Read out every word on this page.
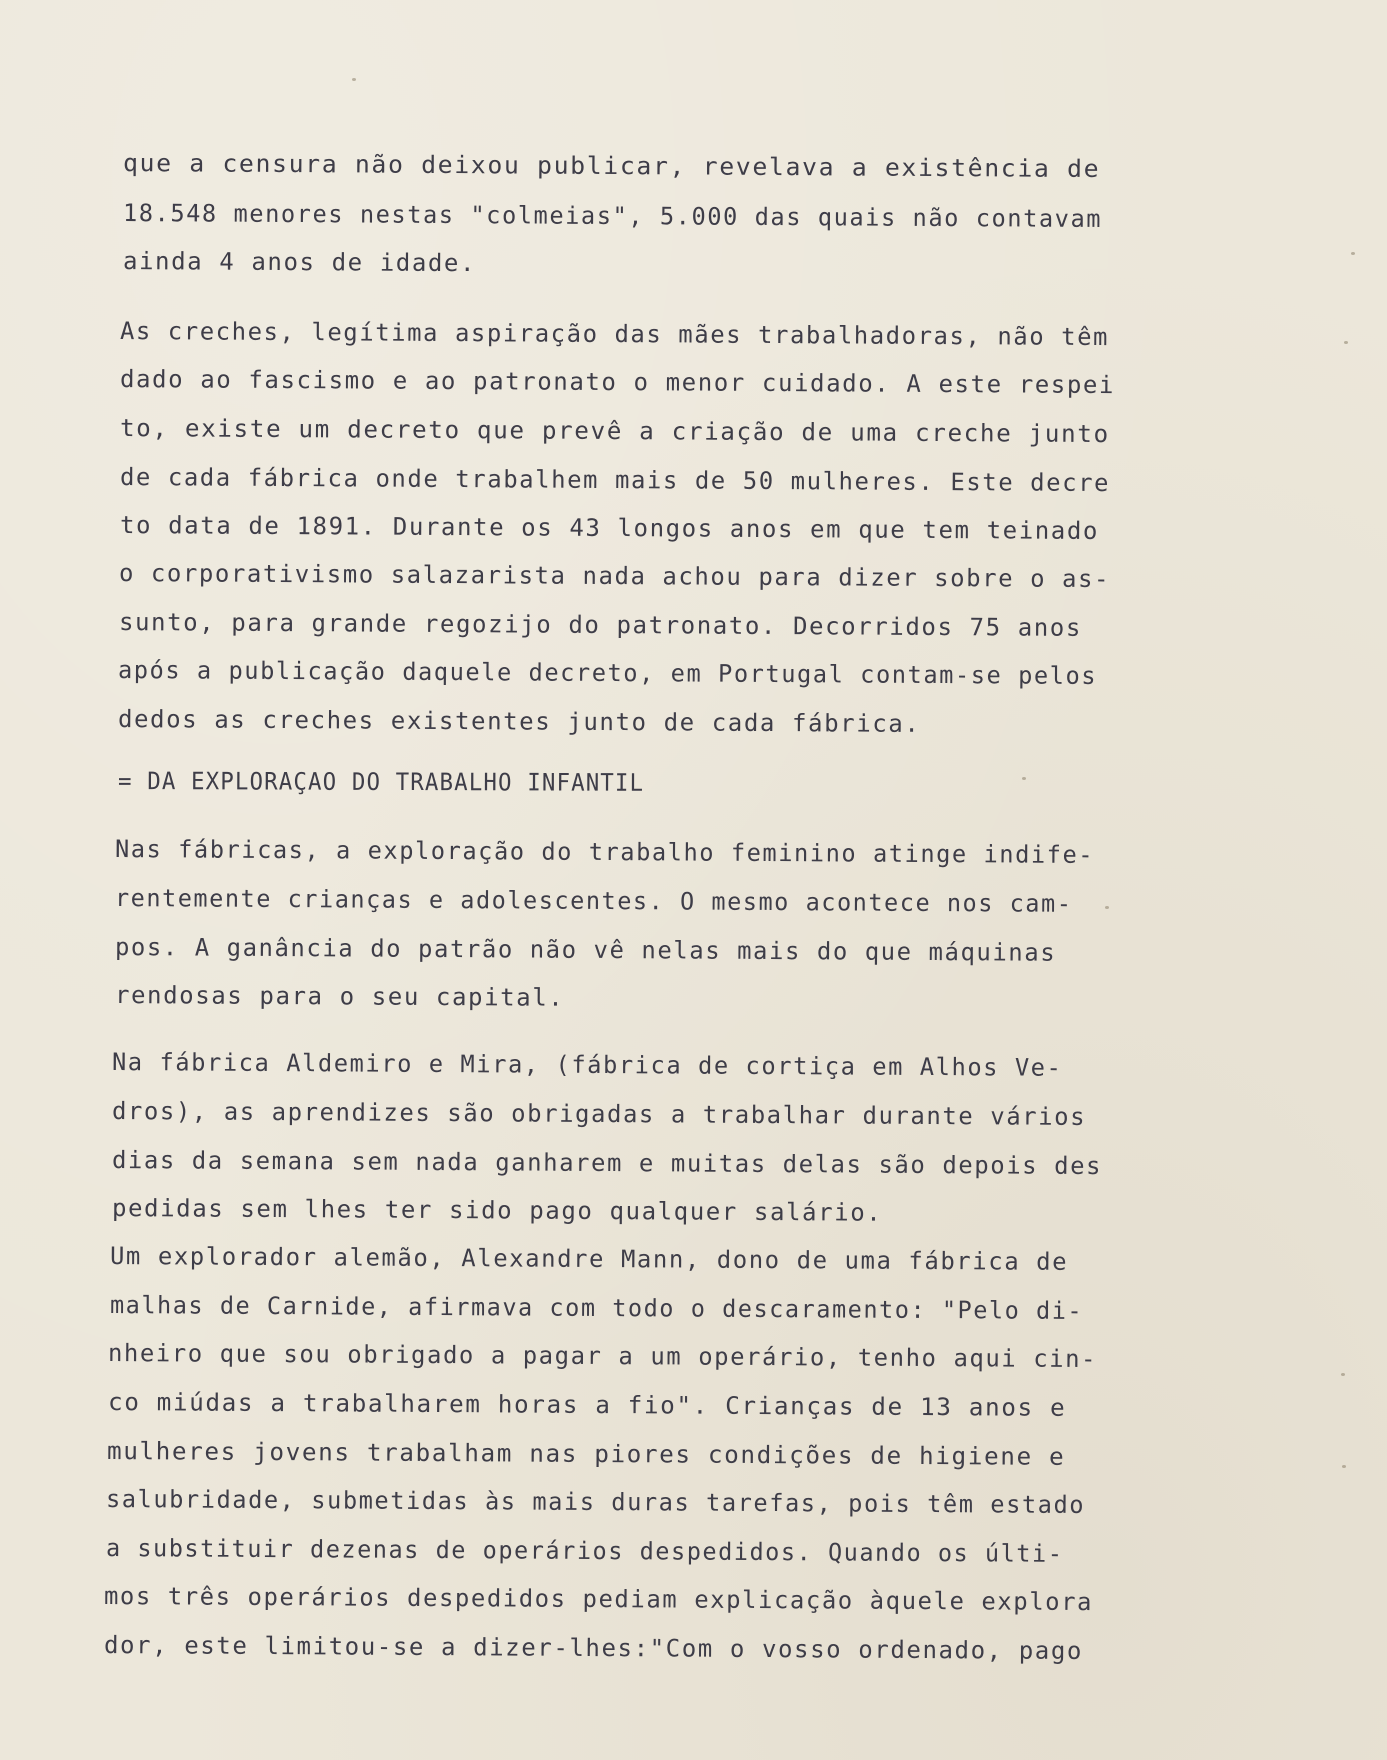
que a censura não deixou publicar, revelava a existência de
18.548 menores nestas "colmeias", 5.000 das quais não contavam
ainda 4 anos de idade.
As creches, legítima aspiração das mães trabalhadoras, não têm
dado ao fascismo e ao patronato o menor cuidado. A este respei
to, existe um decreto que prevê a criação de uma creche junto
de cada fábrica onde trabalhem mais de 50 mulheres. Este decre
to data de 1891. Durante os 43 longos anos em que tem teinado
o corporativismo salazarista nada achou para dizer sobre o as-
sunto, para grande regozijo do patronato. Decorridos 75 anos
após a publicação daquele decreto, em Portugal contam-se pelos
dedos as creches existentes junto de cada fábrica.
= DA EXPLORAÇAO DO TRABALHO INFANTIL
Nas fábricas, a exploração do trabalho feminino atinge indife-
rentemente crianças e adolescentes. O mesmo acontece nos cam-
pos. A ganância do patrão não vê nelas mais do que máquinas
rendosas para o seu capital.
Na fábrica Aldemiro e Mira, (fábrica de cortiça em Alhos Ve-
dros), as aprendizes são obrigadas a trabalhar durante vários
dias da semana sem nada ganharem e muitas delas são depois des
pedidas sem lhes ter sido pago qualquer salário.
Um explorador alemão, Alexandre Mann, dono de uma fábrica de
malhas de Carnide, afirmava com todo o descaramento: "Pelo di-
nheiro que sou obrigado a pagar a um operário, tenho aqui cin-
co miúdas a trabalharem horas a fio". Crianças de 13 anos e
mulheres jovens trabalham nas piores condições de higiene e
salubridade, submetidas às mais duras tarefas, pois têm estado
a substituir dezenas de operários despedidos. Quando os últi-
mos três operários despedidos pediam explicação àquele explora
dor, este limitou-se a dizer-lhes:"Com o vosso ordenado, pago
